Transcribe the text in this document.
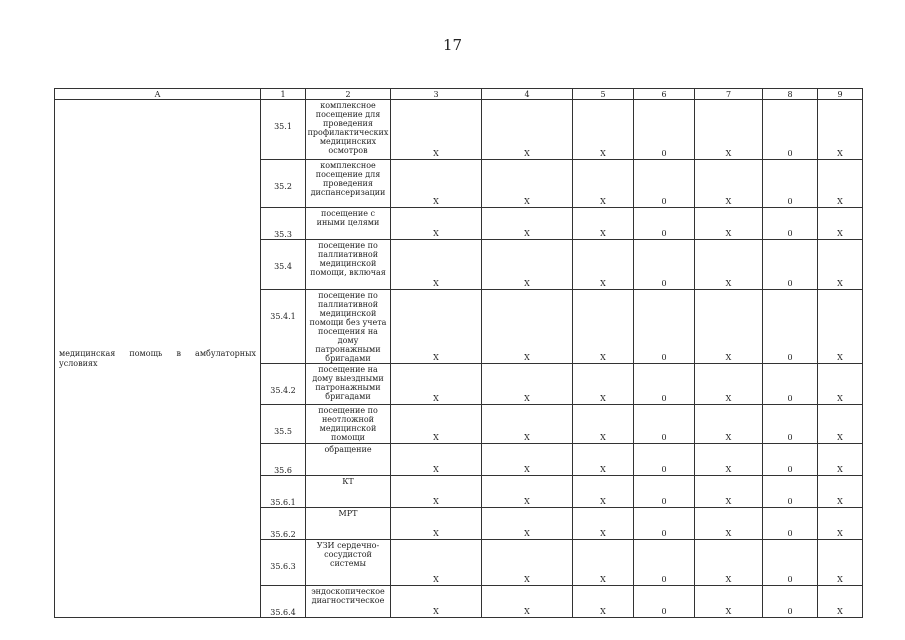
17
А	1	2	3	4	5	6	7	8	9

медицинская помощь в амбулаторных условиях	35.1	комплексное посещение для проведения профилактических медицинских осмотров	Х	Х	Х	0	Х	0	Х
	35.2	комплексное посещение для проведения диспансеризации	Х	Х	Х	0	Х	0	Х
	35.3	посещение с иными целями	Х	Х	Х	0	Х	0	Х
	35.4	посещение по паллиативной медицинской помощи, включая	Х	Х	Х	0	Х	0	Х
	35.4.1	посещение по паллиативной медицинской помощи без учета посещения на дому патронажными бригадами	Х	Х	Х	0	Х	0	Х
	35.4.2	посещение на дому выездными патронажными бригадами	Х	Х	Х	0	Х	0	Х
	35.5	посещение по неотложной медицинской помощи	Х	Х	Х	0	Х	0	Х
	35.6	обращение	Х	Х	Х	0	Х	0	Х
	35.6.1	КТ	Х	Х	Х	0	Х	0	Х
	35.6.2	МРТ	Х	Х	Х	0	Х	0	Х
	35.6.3	УЗИ сердечно-сосудистой системы	Х	Х	Х	0	Х	0	Х
	35.6.4	эндоскопическое диагностическое	Х	Х	Х	0	Х	0	Х
